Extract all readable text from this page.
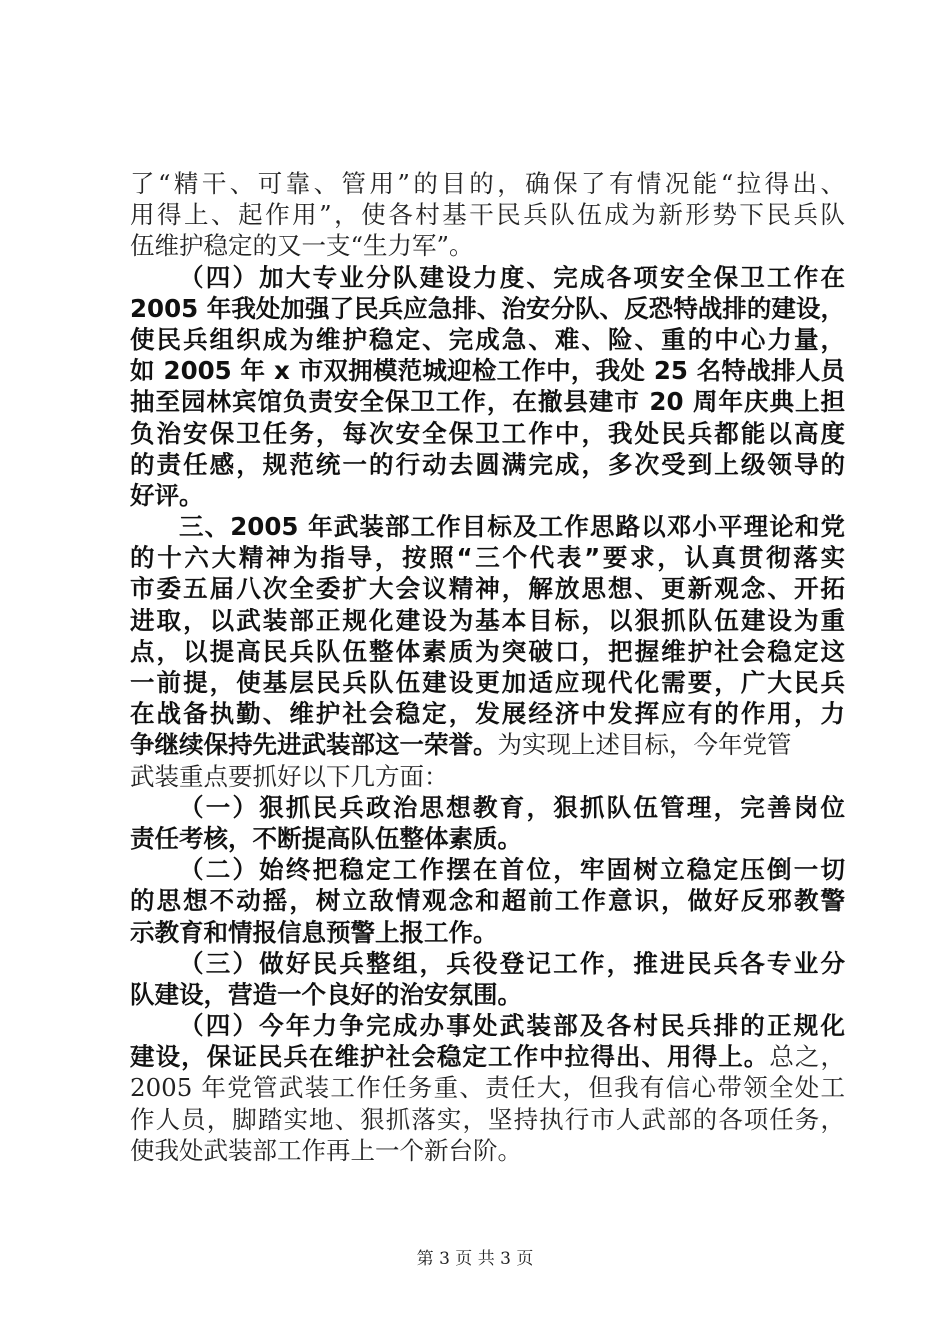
了“精干、可靠、管用”的目的，确保了有情况能“拉得出、
用得上、起作用”，使各村基干民兵队伍成为新形势下民兵队
伍维护稳定的又一支“生力军”。
（四）加大专业分队建设力度、完成各项安全保卫工作在
2005 年我处加强了民兵应急排、治安分队、反恐特战排的建设，
使民兵组织成为维护稳定、完成急、难、险、重的中心力量，
如 2005 年 x 市双拥模范城迎检工作中，我处 25 名特战排人员
抽至园林宾馆负责安全保卫工作，在撤县建市 20 周年庆典上担
负治安保卫任务，每次安全保卫工作中，我处民兵都能以高度
的责任感，规范统一的行动去圆满完成，多次受到上级领导的
好评。
三、2005 年武装部工作目标及工作思路以邓小平理论和党
的十六大精神为指导，按照“三个代表”要求，认真贯彻落实
市委五届八次全委扩大会议精神，解放思想、更新观念、开拓
进取，以武装部正规化建设为基本目标，以狠抓队伍建设为重
点，以提高民兵队伍整体素质为突破口，把握维护社会稳定这
一前提，使基层民兵队伍建设更加适应现代化需要，广大民兵
在战备执勤、维护社会稳定，发展经济中发挥应有的作用，力
争继续保持先进武装部这一荣誉。为实现上述目标，今年党管
武装重点要抓好以下几方面：
（一）狠抓民兵政治思想教育，狠抓队伍管理，完善岗位
责任考核，不断提高队伍整体素质。
（二）始终把稳定工作摆在首位，牢固树立稳定压倒一切
的思想不动摇，树立敌情观念和超前工作意识，做好反邪教警
示教育和情报信息预警上报工作。
（三）做好民兵整组，兵役登记工作，推进民兵各专业分
队建设，营造一个良好的治安氛围。
（四）今年力争完成办事处武装部及各村民兵排的正规化
建设，保证民兵在维护社会稳定工作中拉得出、用得上。总之，
2005 年党管武装工作任务重、责任大，但我有信心带领全处工
作人员，脚踏实地、狠抓落实，坚持执行市人武部的各项任务，
使我处武装部工作再上一个新台阶。
第 3 页 共 3 页
